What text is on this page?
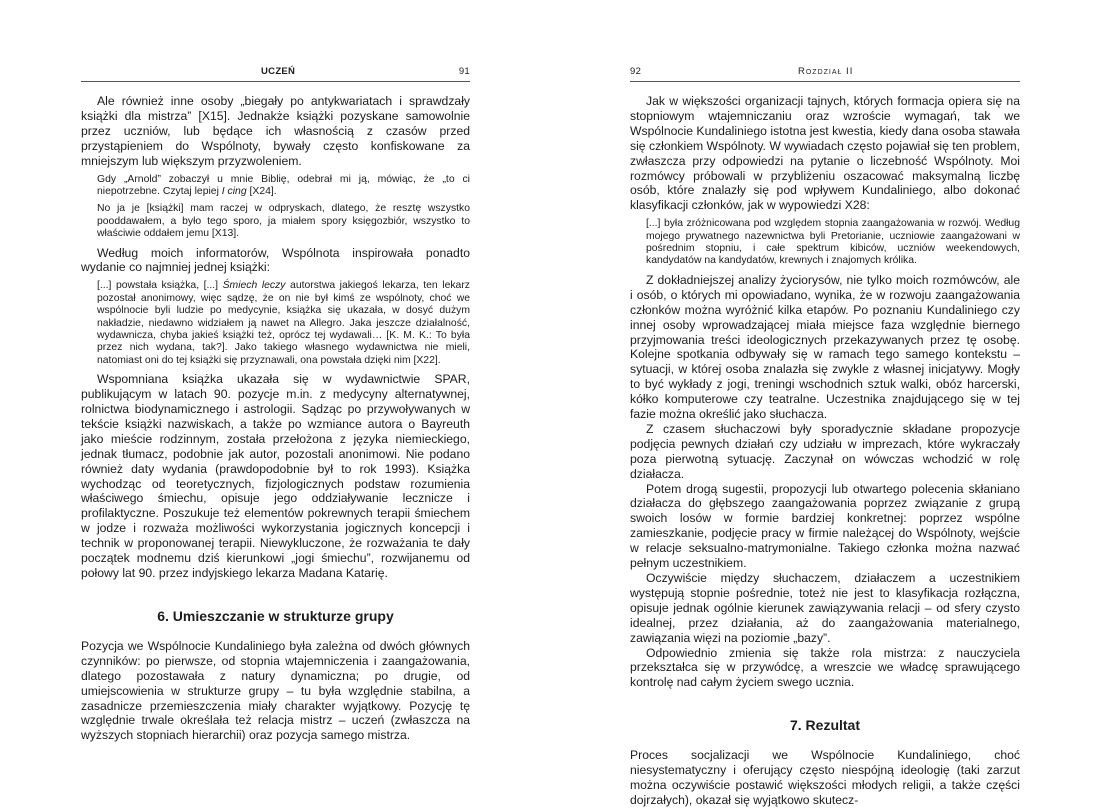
UCZEŃ	91

Ale również inne osoby „biegały po antykwariatach i sprawdzały książki dla mistrza” [X15]. Jednakże książki pozyskane samowolnie przez uczniów, lub będące ich własnością z czasów przed przystąpieniem do Wspólnoty, bywały często konfiskowane za mniejszym lub większym przyzwoleniem.

Gdy „Arnold” zobaczył u mnie Biblię, odebrał mi ją, mówiąc, że „to ci niepotrzebne. Czytaj lepiej I cing [X24].
No ja je [książki] mam raczej w odpryskach, dlatego, że resztę wszystko pooddawałem, a było tego sporo, ja miałem spory księgozbiór, wszystko to właściwie oddałem jemu [X13].

Według moich informatorów, Wspólnota inspirowała ponadto wydanie co najmniej jednej książki:

[...] powstała książka, [...] Śmiech leczy autorstwa jakiegoś lekarza, ten lekarz pozostał anonimowy, więc sądzę, że on nie był kimś ze wspólnoty, choć we wspólnocie byli ludzie po medycynie, książka się ukazała, w dosyć dużym nakładzie, niedawno widziałem ją nawet na Allegro. Jaka jeszcze działalność, wydawnicza, chyba jakieś książki też, oprócz tej wydawali… [K. M. K.: To była przez nich wydana, tak?]. Jako takiego własnego wydawnictwa nie mieli, natomiast oni do tej książki się przyznawali, ona powstała dzięki nim [X22].

Wspomniana książka ukazała się w wydawnictwie SPAR, publikującym w latach 90. pozycje m.in. z medycyny alternatywnej, rolnictwa biodynamicznego i astrologii. Sądząc po przywoływanych w tekście książki nazwiskach, a także po wzmiance autora o Bayreuth jako mieście rodzinnym, została przełożona z języka niemieckiego, jednak tłumacz, podobnie jak autor, pozostali anonimowi. Nie podano również daty wydania (prawdopodobnie był to rok 1993). Książka wychodząc od teoretycznych, fizjologicznych podstaw rozumienia właściwego śmiechu, opisuje jego oddziaływanie lecznicze i profilaktyczne. Poszukuje też elementów pokrewnych terapii śmiechem w jodze i rozważa możliwości wykorzystania jogicznych koncepcji i technik w proponowanej terapii. Niewykluczone, że rozważania te dały początek modnemu dziś kierunkowi „jogi śmiechu”, rozwijanemu od połowy lat 90. przez indyjskiego lekarza Madana Katarię.

6. Umieszczanie w strukturze grupy

Pozycja we Wspólnocie Kundaliniego była zależna od dwóch głównych czynników: po pierwsze, od stopnia wtajemniczenia i zaangażowania, dlatego pozostawała z natury dynamiczna; po drugie, od umiejscowienia w strukturze grupy – tu była względnie stabilna, a zasadnicze przemieszczenia miały charakter wyjątkowy. Pozycję tę względnie trwale określała też relacja mistrz – uczeń (zwłaszcza na wyższych stopniach hierarchii) oraz pozycja samego mistrza.

92	Rozdział II

Jak w większości organizacji tajnych, których formacja opiera się na stopniowym wtajemniczaniu oraz wzroście wymagań, tak we Wspólnocie Kundaliniego istotna jest kwestia, kiedy dana osoba stawała się członkiem Wspólnoty. W wywiadach często pojawiał się ten problem, zwłaszcza przy odpowiedzi na pytanie o liczebność Wspólnoty. Moi rozmówcy próbowali w przybliżeniu oszacować maksymalną liczbę osób, które znalazły się pod wpływem Kundaliniego, albo dokonać klasyfikacji członków, jak w wypowiedzi X28:

[...] była zróżnicowana pod względem stopnia zaangażowania w rozwój. Według mojego prywatnego nazewnictwa byli Pretorianie, uczniowie zaangażowani w pośrednim stopniu, i całe spektrum kibiców, uczniów weekendowych, kandydatów na kandydatów, krewnych i znajomych królika.

Z dokładniejszej analizy życiorysów, nie tylko moich rozmówców, ale i osób, o których mi opowiadano, wynika, że w rozwoju zaangażowania członków można wyróżnić kilka etapów. Po poznaniu Kundaliniego czy innej osoby wprowadzającej miała miejsce faza względnie biernego przyjmowania treści ideologicznych przekazywanych przez tę osobę. Kolejne spotkania odbywały się w ramach tego samego kontekstu – sytuacji, w której osoba znalazła się zwykle z własnej inicjatywy. Mogły to być wykłady z jogi, treningi wschodnich sztuk walki, obóz harcerski, kółko komputerowe czy teatralne. Uczestnika znajdującego się w tej fazie można określić jako słuchacza.

Z czasem słuchaczowi były sporadycznie składane propozycje podjęcia pewnych działań czy udziału w imprezach, które wykraczały poza pierwotną sytuację. Zaczynał on wówczas wchodzić w rolę działacza.

Potem drogą sugestii, propozycji lub otwartego polecenia skłaniano działacza do głębszego zaangażowania poprzez związanie z grupą swoich losów w formie bardziej konkretnej: poprzez wspólne zamieszkanie, podjęcie pracy w firmie należącej do Wspólnoty, wejście w relacje seksualno-matrymonialne. Takiego członka można nazwać pełnym uczestnikiem.

Oczywiście między słuchaczem, działaczem a uczestnikiem występują stopnie pośrednie, toteż nie jest to klasyfikacja rozłączna, opisuje jednak ogólnie kierunek zawiązywania relacji – od sfery czysto idealnej, przez działania, aż do zaangażowania materialnego, zawiązania więzi na poziomie „bazy”.

Odpowiednio zmienia się także rola mistrza: z nauczyciela przekształca się w przywódcę, a wreszcie we władcę sprawującego kontrolę nad całym życiem swego ucznia.

7. Rezultat

Proces socjalizacji we Wspólnocie Kundaliniego, choć niesystematyczny i oferujący często niespójną ideologię (taki zarzut można oczywiście postawić większości młodych religii, a także części dojrzałych), okazał się wyjątkowo skutecz-
